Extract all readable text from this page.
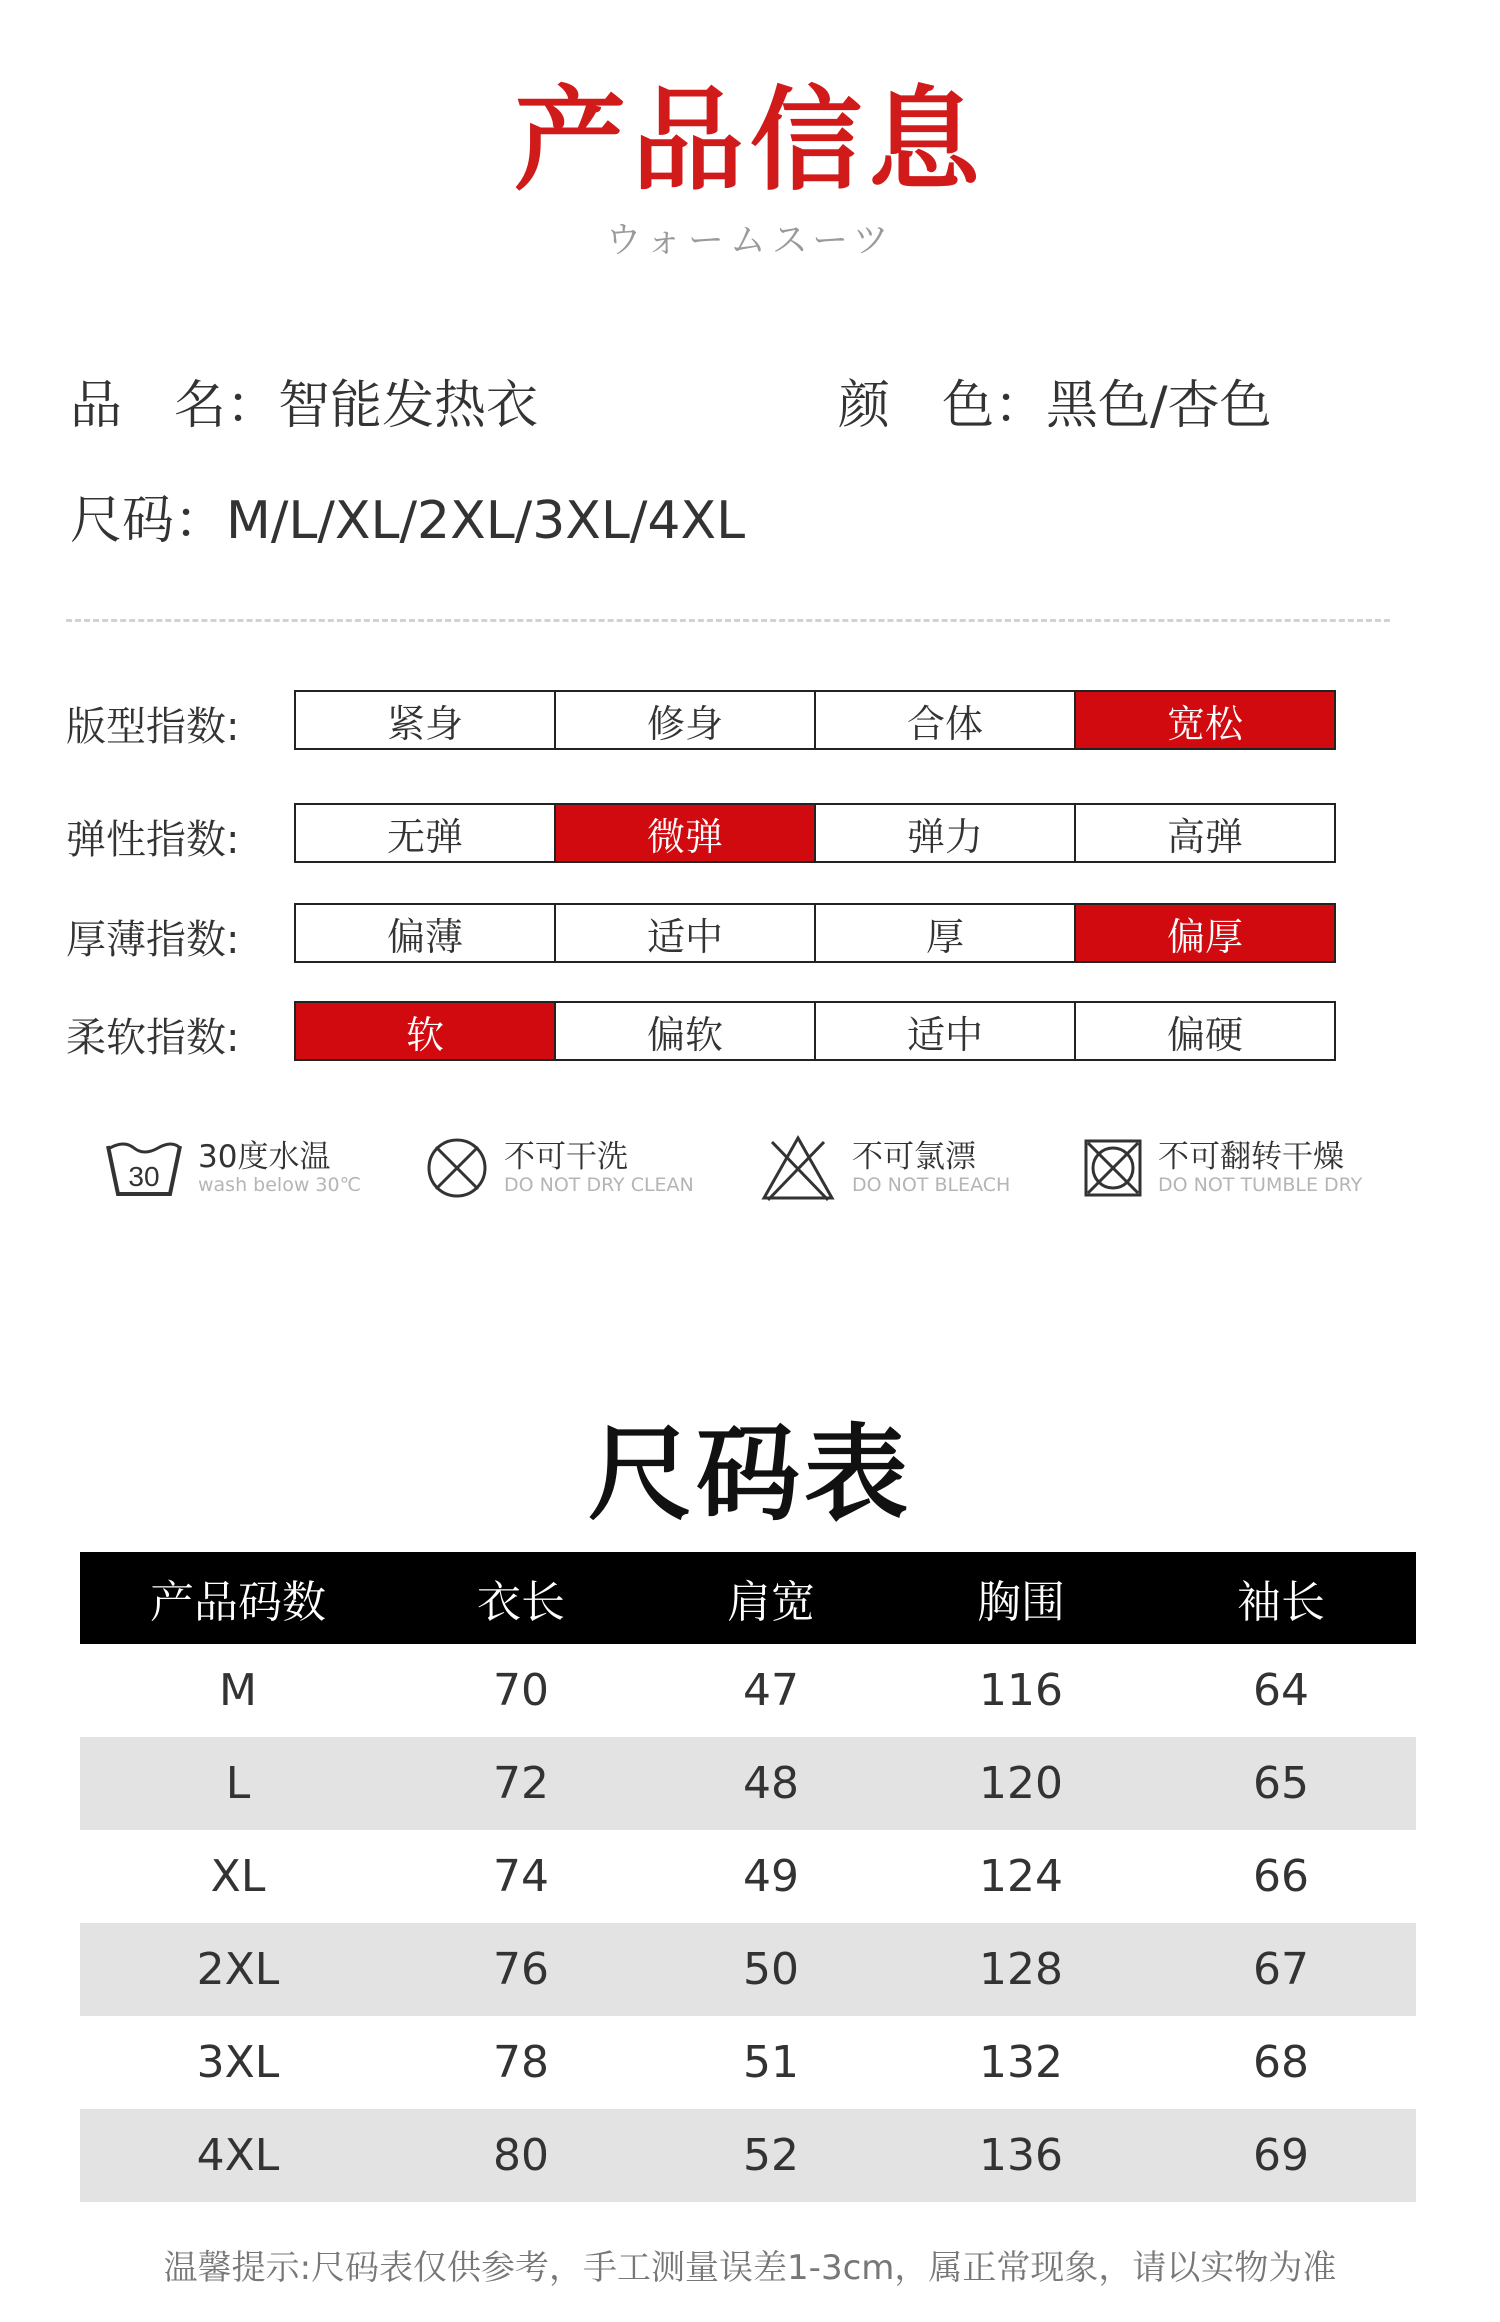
产品信息
ウォームスーツ
品　名：智能发热衣	颜　色：黑色/杏色
尺码：M/L/XL/2XL/3XL/4XL
版型指数:	紧身	修身	合体	宽松
弹性指数:	无弹	微弹	弹力	高弹
厚薄指数:	偏薄	适中	厚	偏厚
柔软指数:	软	偏软	适中	偏硬
30
30度水温
wash below 30℃
不可干洗
DO NOT DRY CLEAN
不可氯漂
DO NOT BLEACH
不可翻转干燥
DO NOT TUMBLE DRY
尺码表
产品码数	衣长	肩宽	胸围	袖长
M	70	47	116	64
L	72	48	120	65
XL	74	49	124	66
2XL	76	50	128	67
3XL	78	51	132	68
4XL	80	52	136	69
温馨提示:尺码表仅供参考，手工测量误差1-3cm，属正常现象，请以实物为准
